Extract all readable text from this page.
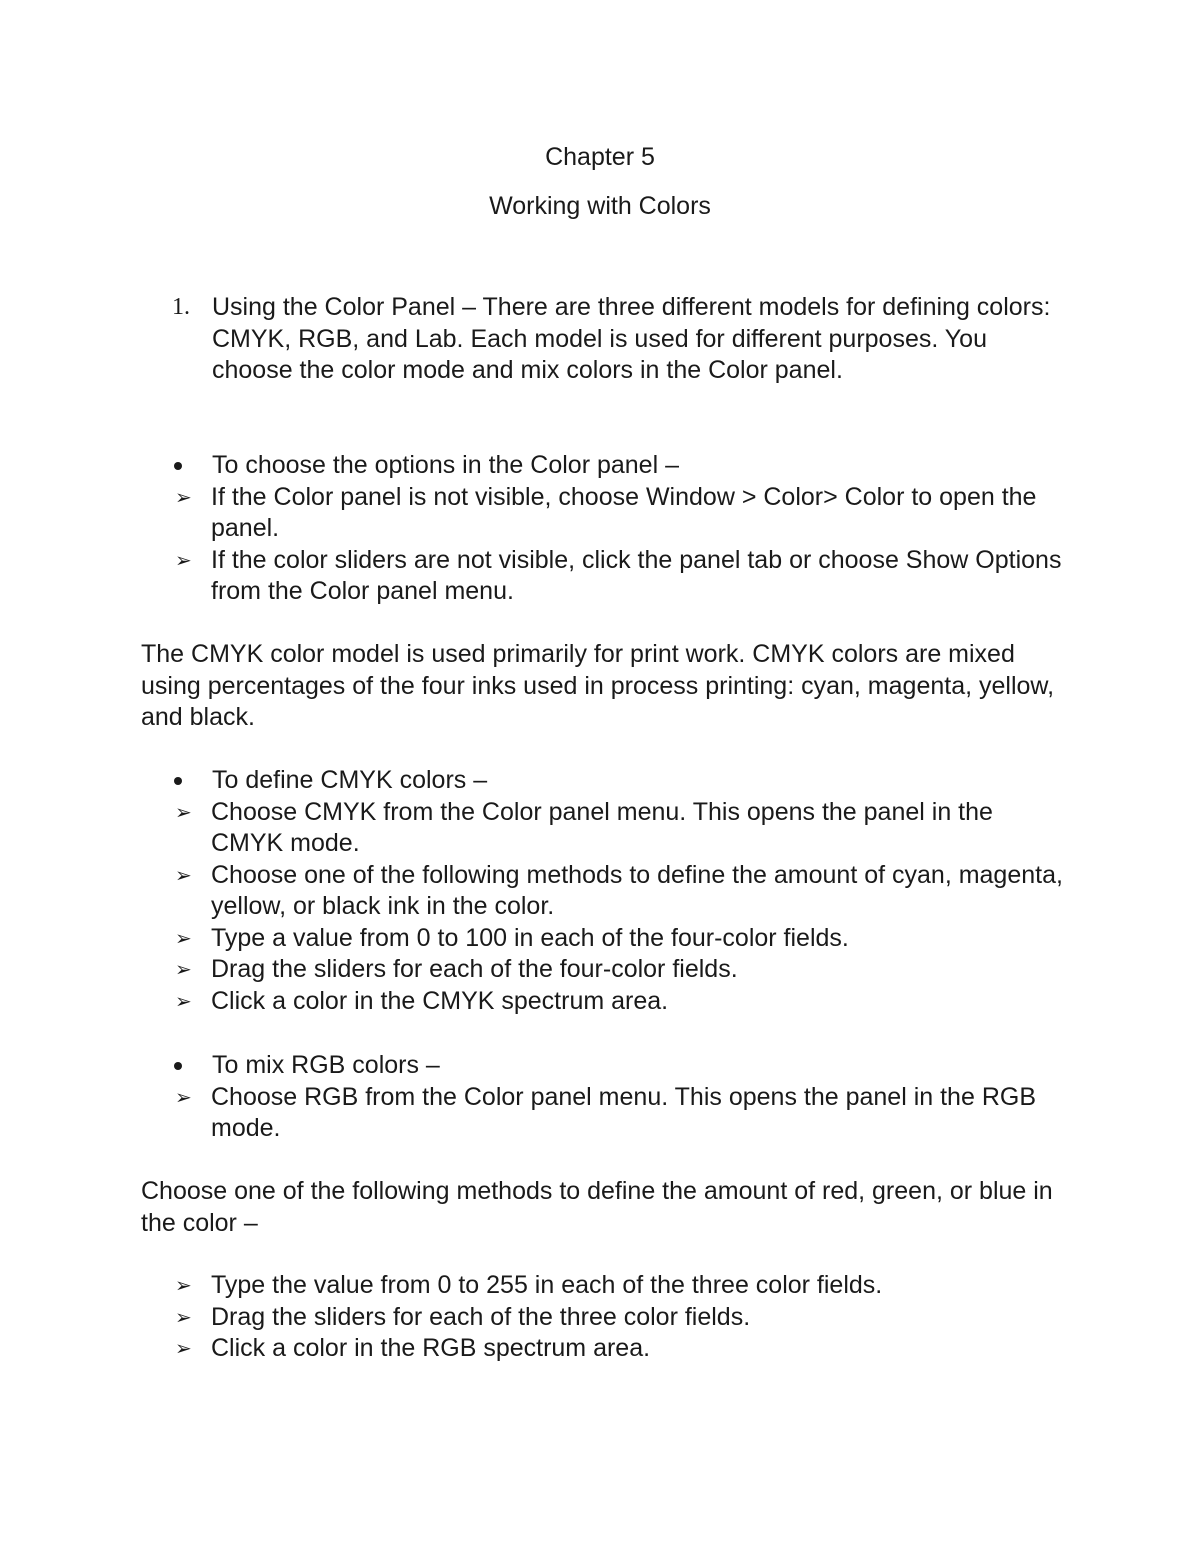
Chapter 5
Working with Colors
1. Using the Color Panel – There are three different models for defining colors: CMYK, RGB, and Lab. Each model is used for different purposes. You choose the color mode and mix colors in the Color panel.
To choose the options in the Color panel –
➢ If the Color panel is not visible, choose Window > Color> Color to open the panel.
➢ If the color sliders are not visible, click the panel tab or choose Show Options from the Color panel menu.
The CMYK color model is used primarily for print work. CMYK colors are mixed using percentages of the four inks used in process printing: cyan, magenta, yellow, and black.
To define CMYK colors –
➢ Choose CMYK from the Color panel menu. This opens the panel in the CMYK mode.
➢ Choose one of the following methods to define the amount of cyan, magenta, yellow, or black ink in the color.
➢ Type a value from 0 to 100 in each of the four-color fields.
➢ Drag the sliders for each of the four-color fields.
➢ Click a color in the CMYK spectrum area.
To mix RGB colors –
➢ Choose RGB from the Color panel menu. This opens the panel in the RGB mode.
Choose one of the following methods to define the amount of red, green, or blue in the color –
➢ Type the value from 0 to 255 in each of the three color fields.
➢ Drag the sliders for each of the three color fields.
➢ Click a color in the RGB spectrum area.
